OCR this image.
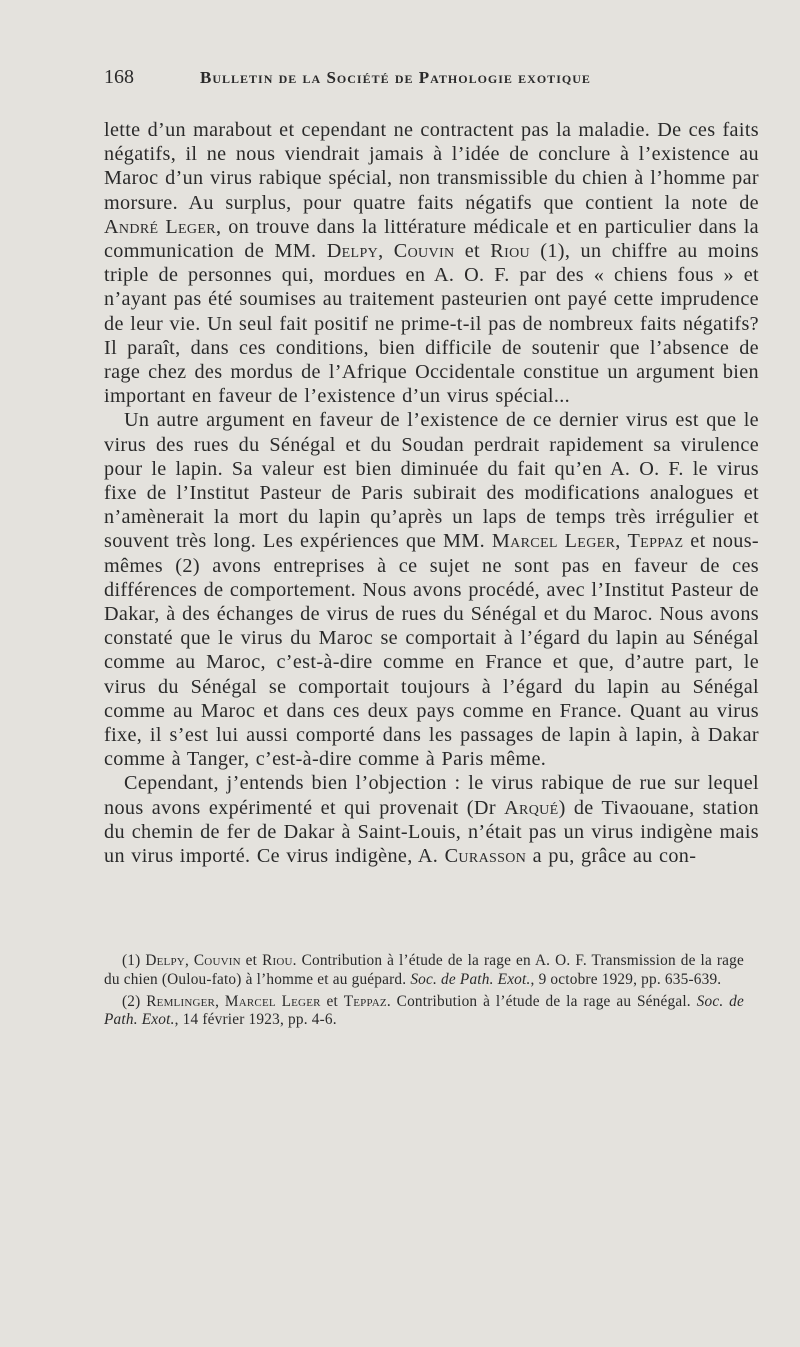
168	Bulletin de la Société de Pathologie exotique

lette d’un marabout et cependant ne contractent pas la maladie. De ces faits négatifs, il ne nous viendrait jamais à l’idée de conclure à l’existence au Maroc d’un virus rabique spécial, non transmissible du chien à l’homme par morsure. Au surplus, pour quatre faits négatifs que contient la note de André Leger, on trouve dans la littérature médicale et en particulier dans la communication de MM. Delpy, Couvin et Riou (1), un chiffre au moins triple de personnes qui, mordues en A. O. F. par des « chiens fous » et n’ayant pas été soumises au traitement pasteurien ont payé cette imprudence de leur vie. Un seul fait positif ne prime-t-il pas de nombreux faits négatifs? Il paraît, dans ces conditions, bien difficile de soutenir que l’absence de rage chez des mordus de l’Afrique Occidentale constitue un argument bien important en faveur de l’existence d’un virus spécial...

Un autre argument en faveur de l’existence de ce dernier virus est que le virus des rues du Sénégal et du Soudan perdrait rapidement sa virulence pour le lapin. Sa valeur est bien diminuée du fait qu’en A. O. F. le virus fixe de l’Institut Pasteur de Paris subirait des modifications analogues et n’amènerait la mort du lapin qu’après un laps de temps très irrégulier et souvent très long. Les expériences que MM. Marcel Leger, Teppaz et nous-mêmes (2) avons entreprises à ce sujet ne sont pas en faveur de ces différences de comportement. Nous avons procédé, avec l’Institut Pasteur de Dakar, à des échanges de virus de rues du Sénégal et du Maroc. Nous avons constaté que le virus du Maroc se comportait à l’égard du lapin au Sénégal comme au Maroc, c’est-à-dire comme en France et que, d’autre part, le virus du Sénégal se comportait toujours à l’égard du lapin au Sénégal comme au Maroc et dans ces deux pays comme en France. Quant au virus fixe, il s’est lui aussi comporté dans les passages de lapin à lapin, à Dakar comme à Tanger, c’est-à-dire comme à Paris même.

Cependant, j’entends bien l’objection : le virus rabique de rue sur lequel nous avons expérimenté et qui provenait (Dr Arqué) de Tivaouane, station du chemin de fer de Dakar à Saint-Louis, n’était pas un virus indigène mais un virus importé. Ce virus indigène, A. Curasson a pu, grâce au con-

(1) Delpy, Couvin et Riou. Contribution à l’étude de la rage en A. O. F. Transmission de la rage du chien (Oulou-fato) à l’homme et au guépard. Soc. de Path. Exot., 9 octobre 1929, pp. 635-639.

(2) Remlinger, Marcel Leger et Teppaz. Contribution à l’étude de la rage au Sénégal. Soc. de Path. Exot., 14 février 1923, pp. 4-6.
